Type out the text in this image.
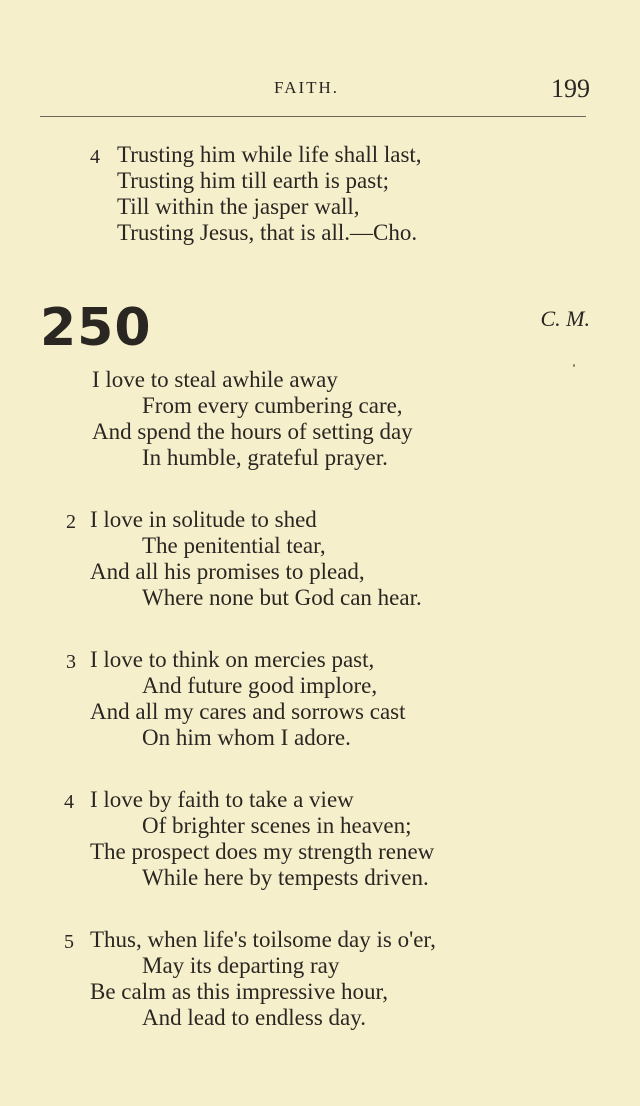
FAITH.	199
4 Trusting him while life shall last,
Trusting him till earth is past;
Till within the jasper wall,
Trusting Jesus, that is all.—Cho.
250	C. M.
I love to steal awhile away
From every cumbering care,
And spend the hours of setting day
In humble, grateful prayer.
2 I love in solitude to shed
The penitential tear,
And all his promises to plead,
Where none but God can hear.
3 I love to think on mercies past,
And future good implore,
And all my cares and sorrows cast
On him whom I adore.
4 I love by faith to take a view
Of brighter scenes in heaven;
The prospect does my strength renew
While here by tempests driven.
5 Thus, when life's toilsome day is o'er,
May its departing ray
Be calm as this impressive hour,
And lead to endless day.
